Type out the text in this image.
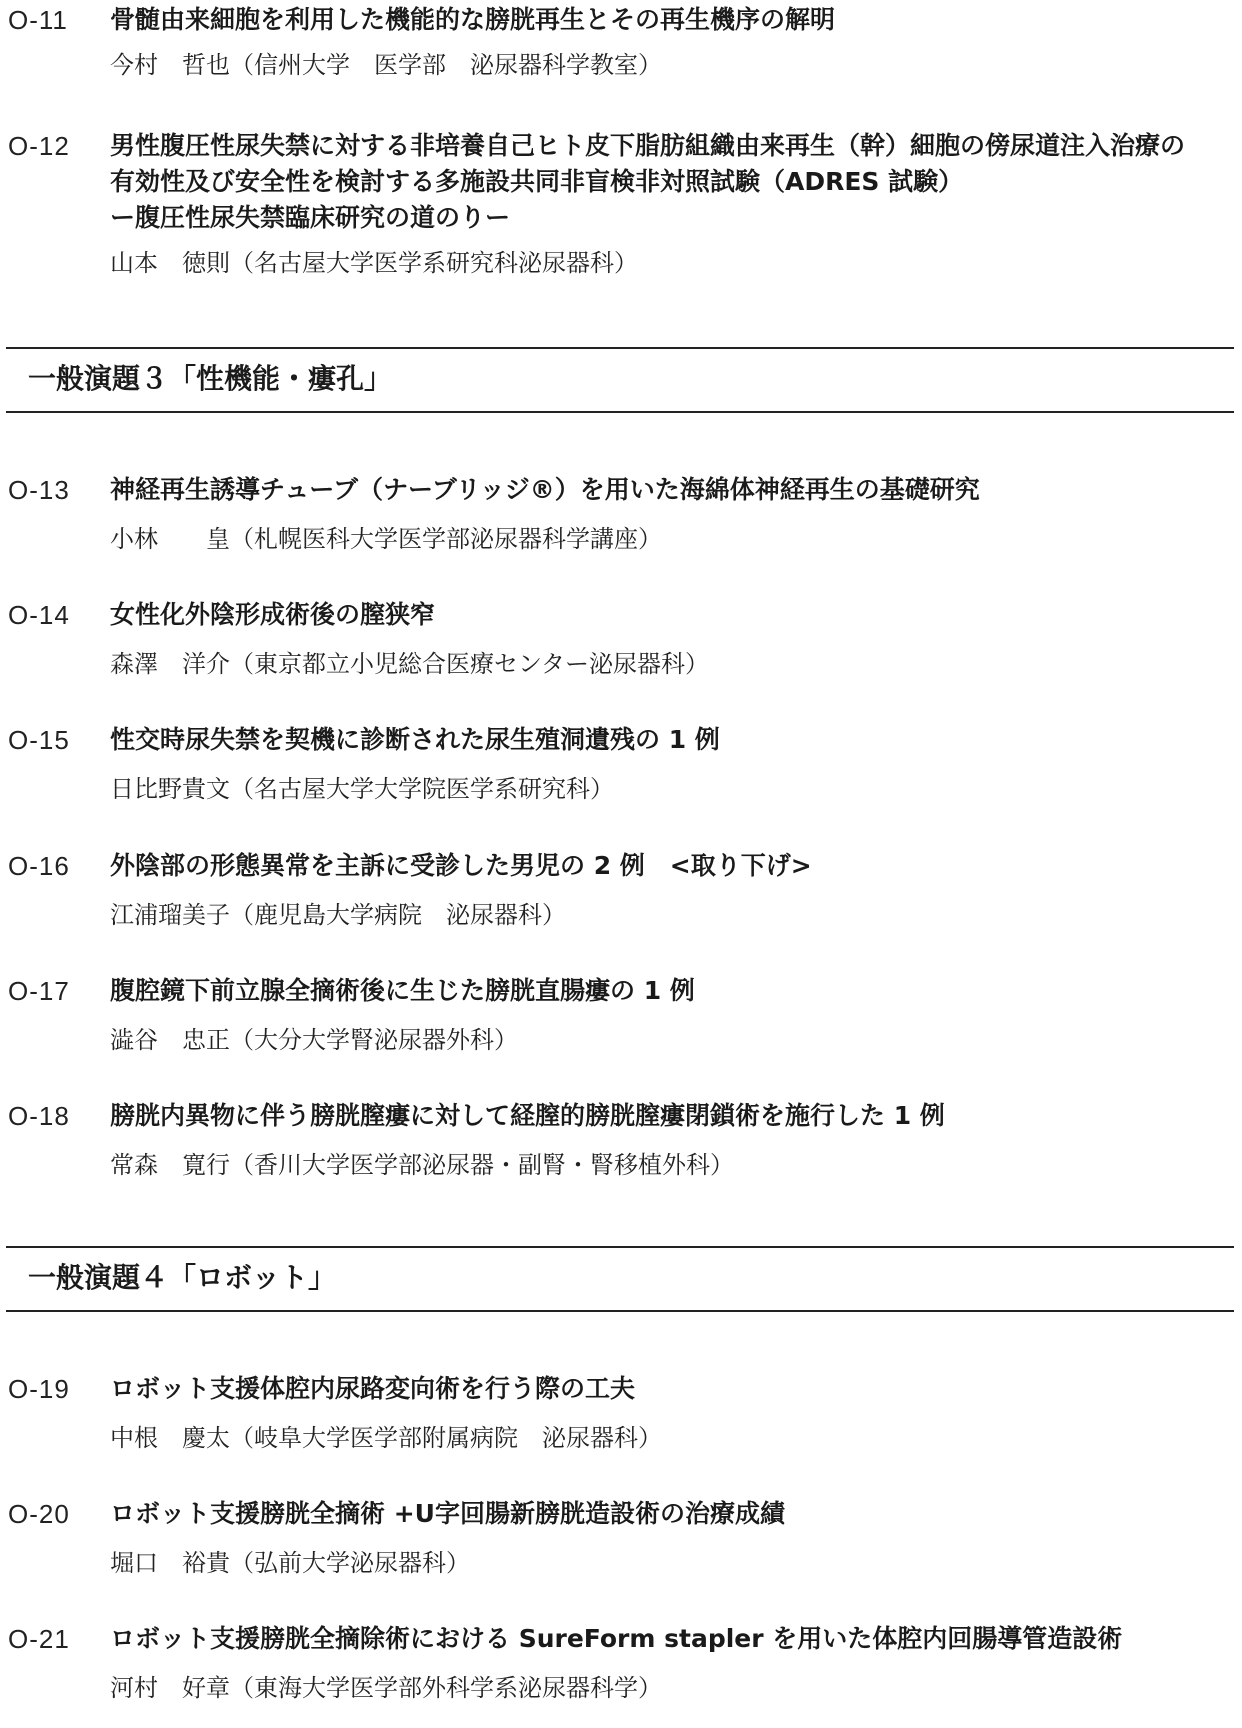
O-11 骨髄由来細胞を利用した機能的な膀胱再生とその再生機序の解明
今村　哲也（信州大学　医学部　泌尿器科学教室）
O-12 男性腹圧性尿失禁に対する非培養自己ヒト皮下脂肪組織由来再生（幹）細胞の傍尿道注入治療の
有効性及び安全性を検討する多施設共同非盲検非対照試験（ADRES 試験）
ー腹圧性尿失禁臨床研究の道のりー
山本　徳則（名古屋大学医学系研究科泌尿器科）
一般演題３「性機能・瘻孔」
O-13 神経再生誘導チューブ（ナーブリッジ®）を用いた海綿体神経再生の基礎研究
小林　　皇（札幌医科大学医学部泌尿器科学講座）
O-14 女性化外陰形成術後の膣狭窄
森澤　洋介（東京都立小児総合医療センター泌尿器科）
O-15 性交時尿失禁を契機に診断された尿生殖洞遺残の 1 例
日比野貴文（名古屋大学大学院医学系研究科）
O-16 外陰部の形態異常を主訴に受診した男児の 2 例　<取り下げ>
江浦瑠美子（鹿児島大学病院　泌尿器科）
O-17 腹腔鏡下前立腺全摘術後に生じた膀胱直腸瘻の 1 例
澁谷　忠正（大分大学腎泌尿器外科）
O-18 膀胱内異物に伴う膀胱膣瘻に対して経膣的膀胱膣瘻閉鎖術を施行した 1 例
常森　寛行（香川大学医学部泌尿器・副腎・腎移植外科）
一般演題４「ロボット」
O-19 ロボット支援体腔内尿路変向術を行う際の工夫
中根　慶太（岐阜大学医学部附属病院　泌尿器科）
O-20 ロボット支援膀胱全摘術 +U字回腸新膀胱造設術の治療成績
堀口　裕貴（弘前大学泌尿器科）
O-21 ロボット支援膀胱全摘除術における SureForm stapler を用いた体腔内回腸導管造設術
河村　好章（東海大学医学部外科学系泌尿器科学）
